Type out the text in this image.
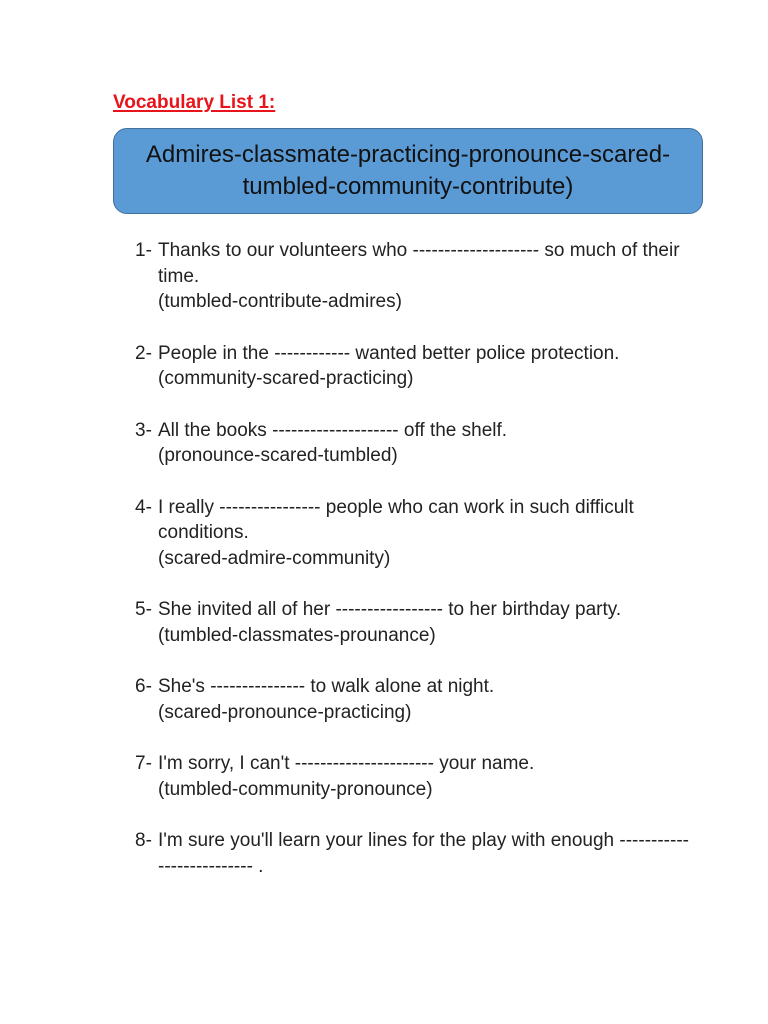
Vocabulary List 1:
Admires-classmate-practicing-pronounce-scared-
tumbled-community-contribute)
1- Thanks to our volunteers who -------------------- so much of their time.
(tumbled-contribute-admires)
2- People in the ------------ wanted better police protection.
(community-scared-practicing)
3- All the books -------------------- off the shelf.
(pronounce-scared-tumbled)
4- I really ---------------- people who can work in such difficult conditions.
(scared-admire-community)
5- She invited all of her ----------------- to her birthday party.
(tumbled-classmates-prounance)
6- She's --------------- to walk alone at night.
(scared-pronounce-practicing)
7- I'm sorry, I can't ---------------------- your name.
(tumbled-community-pronounce)
8- I'm sure you'll learn your lines for the play with enough -------------------------- .
